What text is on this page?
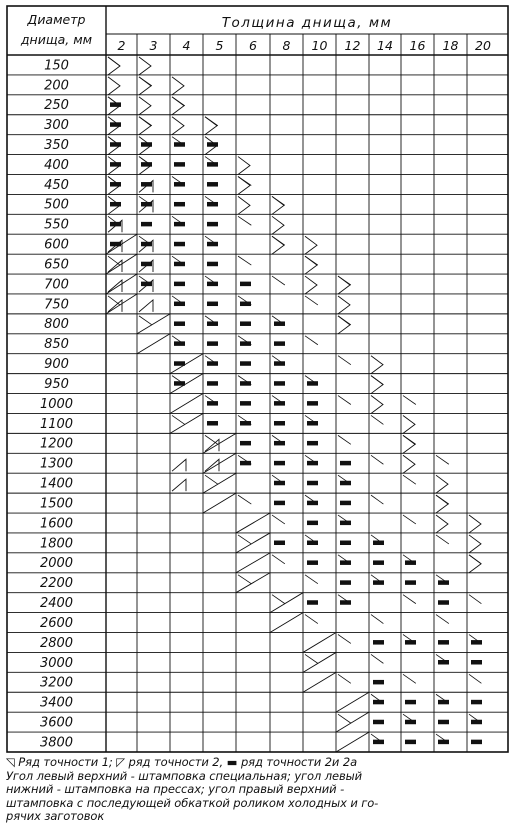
Диаметр
днища, мм
Толщина днища, мм
2 3 4 5 6 8 10 12 14 16 18 20
150
200
250
300
350
400
450
500
550
600
650
700
750
800
850
900
950
1000
1100
1200
1300
1400
1500
1600
1800
2000
2200
2400
2600
2800
3000
3200
3400
3600
3800
◹ Ряд точности 1; ◸ ряд точности 2, ▬ ряд точности 2и 2а
Угол левый верхний - штамповка специальная; угол левый
нижний - штамповка на прессах; угол правый верхний -
штамповка с последующей обкаткой роликом холодных и го-
рячих заготовок
